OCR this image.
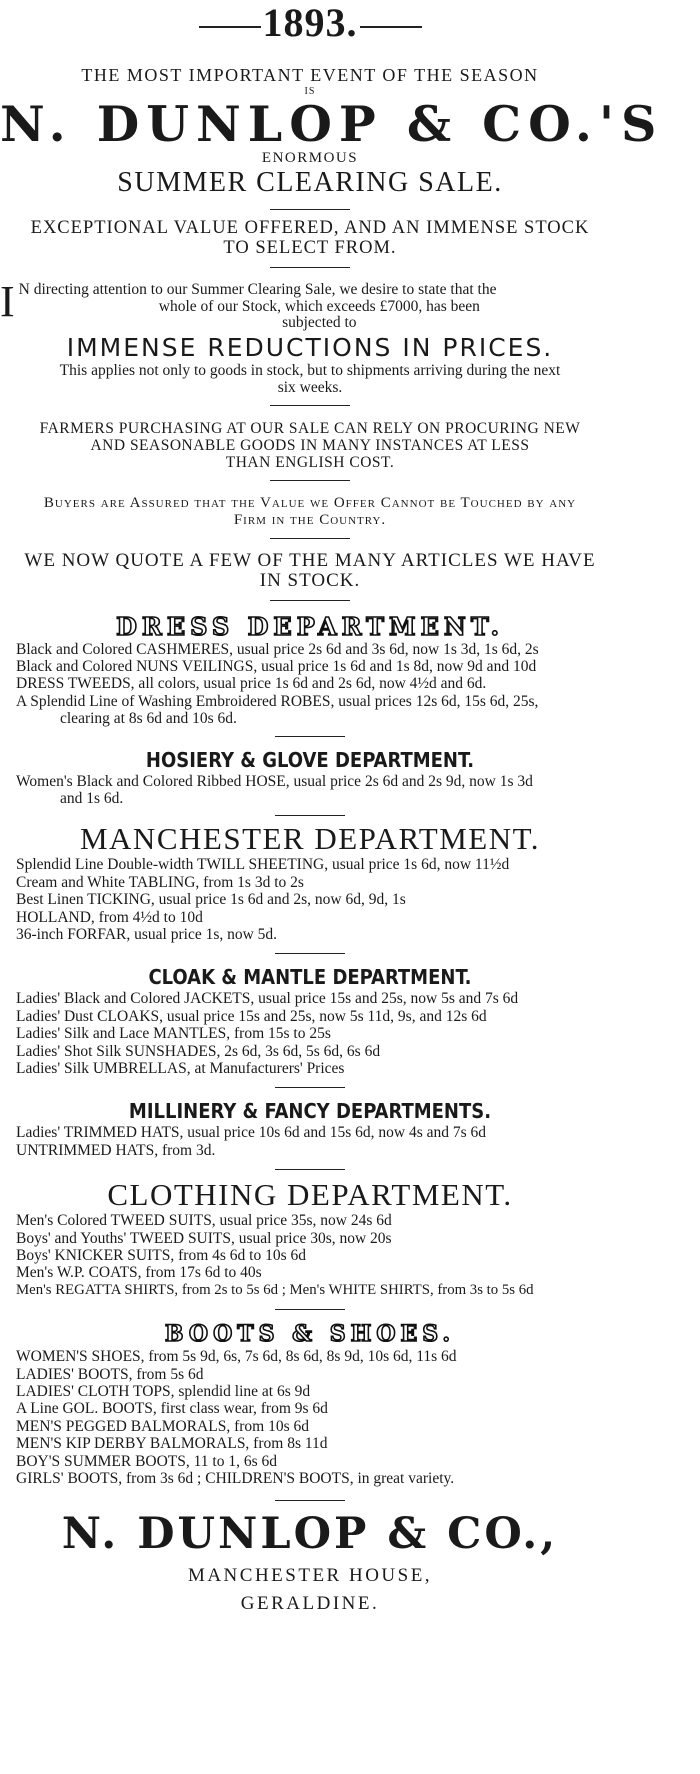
1893.
THE MOST IMPORTANT EVENT OF THE SEASON
IS
N. DUNLOP & CO.'S
ENORMOUS
SUMMER CLEARING SALE.
EXCEPTIONAL VALUE OFFERED, AND AN IMMENSE STOCK
TO SELECT FROM.
I N directing attention to our Summer Clearing Sale, we desire to state that the
whole of our Stock, which exceeds £7000, has been
subjected to
IMMENSE REDUCTIONS IN PRICES.
This applies not only to goods in stock, but to shipments arriving during the next
six weeks.
FARMERS PURCHASING AT OUR SALE CAN RELY ON PROCURING NEW
AND SEASONABLE GOODS IN MANY INSTANCES AT LESS
THAN ENGLISH COST.
Buyers are Assured that the Value we Offer Cannot be Touched by any
Firm in the Country.
WE NOW QUOTE A FEW OF THE MANY ARTICLES WE HAVE
IN STOCK.
DRESS DEPARTMENT.
Black and Colored CASHMERES, usual price 2s 6d and 3s 6d, now 1s 3d, 1s 6d, 2s
Black and Colored NUNS VEILINGS, usual price 1s 6d and 1s 8d, now 9d and 10d
DRESS TWEEDS, all colors, usual price 1s 6d and 2s 6d, now 4½d and 6d.
A Splendid Line of Washing Embroidered ROBES, usual prices 12s 6d, 15s 6d, 25s,
clearing at 8s 6d and 10s 6d.
HOSIERY & GLOVE DEPARTMENT.
Women's Black and Colored Ribbed HOSE, usual price 2s 6d and 2s 9d, now 1s 3d
and 1s 6d.
MANCHESTER DEPARTMENT.
Splendid Line Double-width TWILL SHEETING, usual price 1s 6d, now 11½d
Cream and White TABLING, from 1s 3d to 2s
Best Linen TICKING, usual price 1s 6d and 2s, now 6d, 9d, 1s
HOLLAND, from 4½d to 10d
36-inch FORFAR, usual price 1s, now 5d.
CLOAK & MANTLE DEPARTMENT.
Ladies' Black and Colored JACKETS, usual price 15s and 25s, now 5s and 7s 6d
Ladies' Dust CLOAKS, usual price 15s and 25s, now 5s 11d, 9s, and 12s 6d
Ladies' Silk and Lace MANTLES, from 15s to 25s
Ladies' Shot Silk SUNSHADES, 2s 6d, 3s 6d, 5s 6d, 6s 6d
Ladies' Silk UMBRELLAS, at Manufacturers' Prices
MILLINERY & FANCY DEPARTMENTS.
Ladies' TRIMMED HATS, usual price 10s 6d and 15s 6d, now 4s and 7s 6d
UNTRIMMED HATS, from 3d.
CLOTHING DEPARTMENT.
Men's Colored TWEED SUITS, usual price 35s, now 24s 6d
Boys' and Youths' TWEED SUITS, usual price 30s, now 20s
Boys' KNICKER SUITS, from 4s 6d to 10s 6d
Men's W.P. COATS, from 17s 6d to 40s
Men's REGATTA SHIRTS, from 2s to 5s 6d ; Men's WHITE SHIRTS, from 3s to 5s 6d
BOOTS & SHOES.
WOMEN'S SHOES, from 5s 9d, 6s, 7s 6d, 8s 6d, 8s 9d, 10s 6d, 11s 6d
LADIES' BOOTS, from 5s 6d
LADIES' CLOTH TOPS, splendid line at 6s 9d
A Line GOL. BOOTS, first class wear, from 9s 6d
MEN'S PEGGED BALMORALS, from 10s 6d
MEN'S KIP DERBY BALMORALS, from 8s 11d
BOY'S SUMMER BOOTS, 11 to 1, 6s 6d
GIRLS' BOOTS, from 3s 6d ; CHILDREN'S BOOTS, in great variety.
N. DUNLOP & CO.,
MANCHESTER HOUSE,
GERALDINE.
